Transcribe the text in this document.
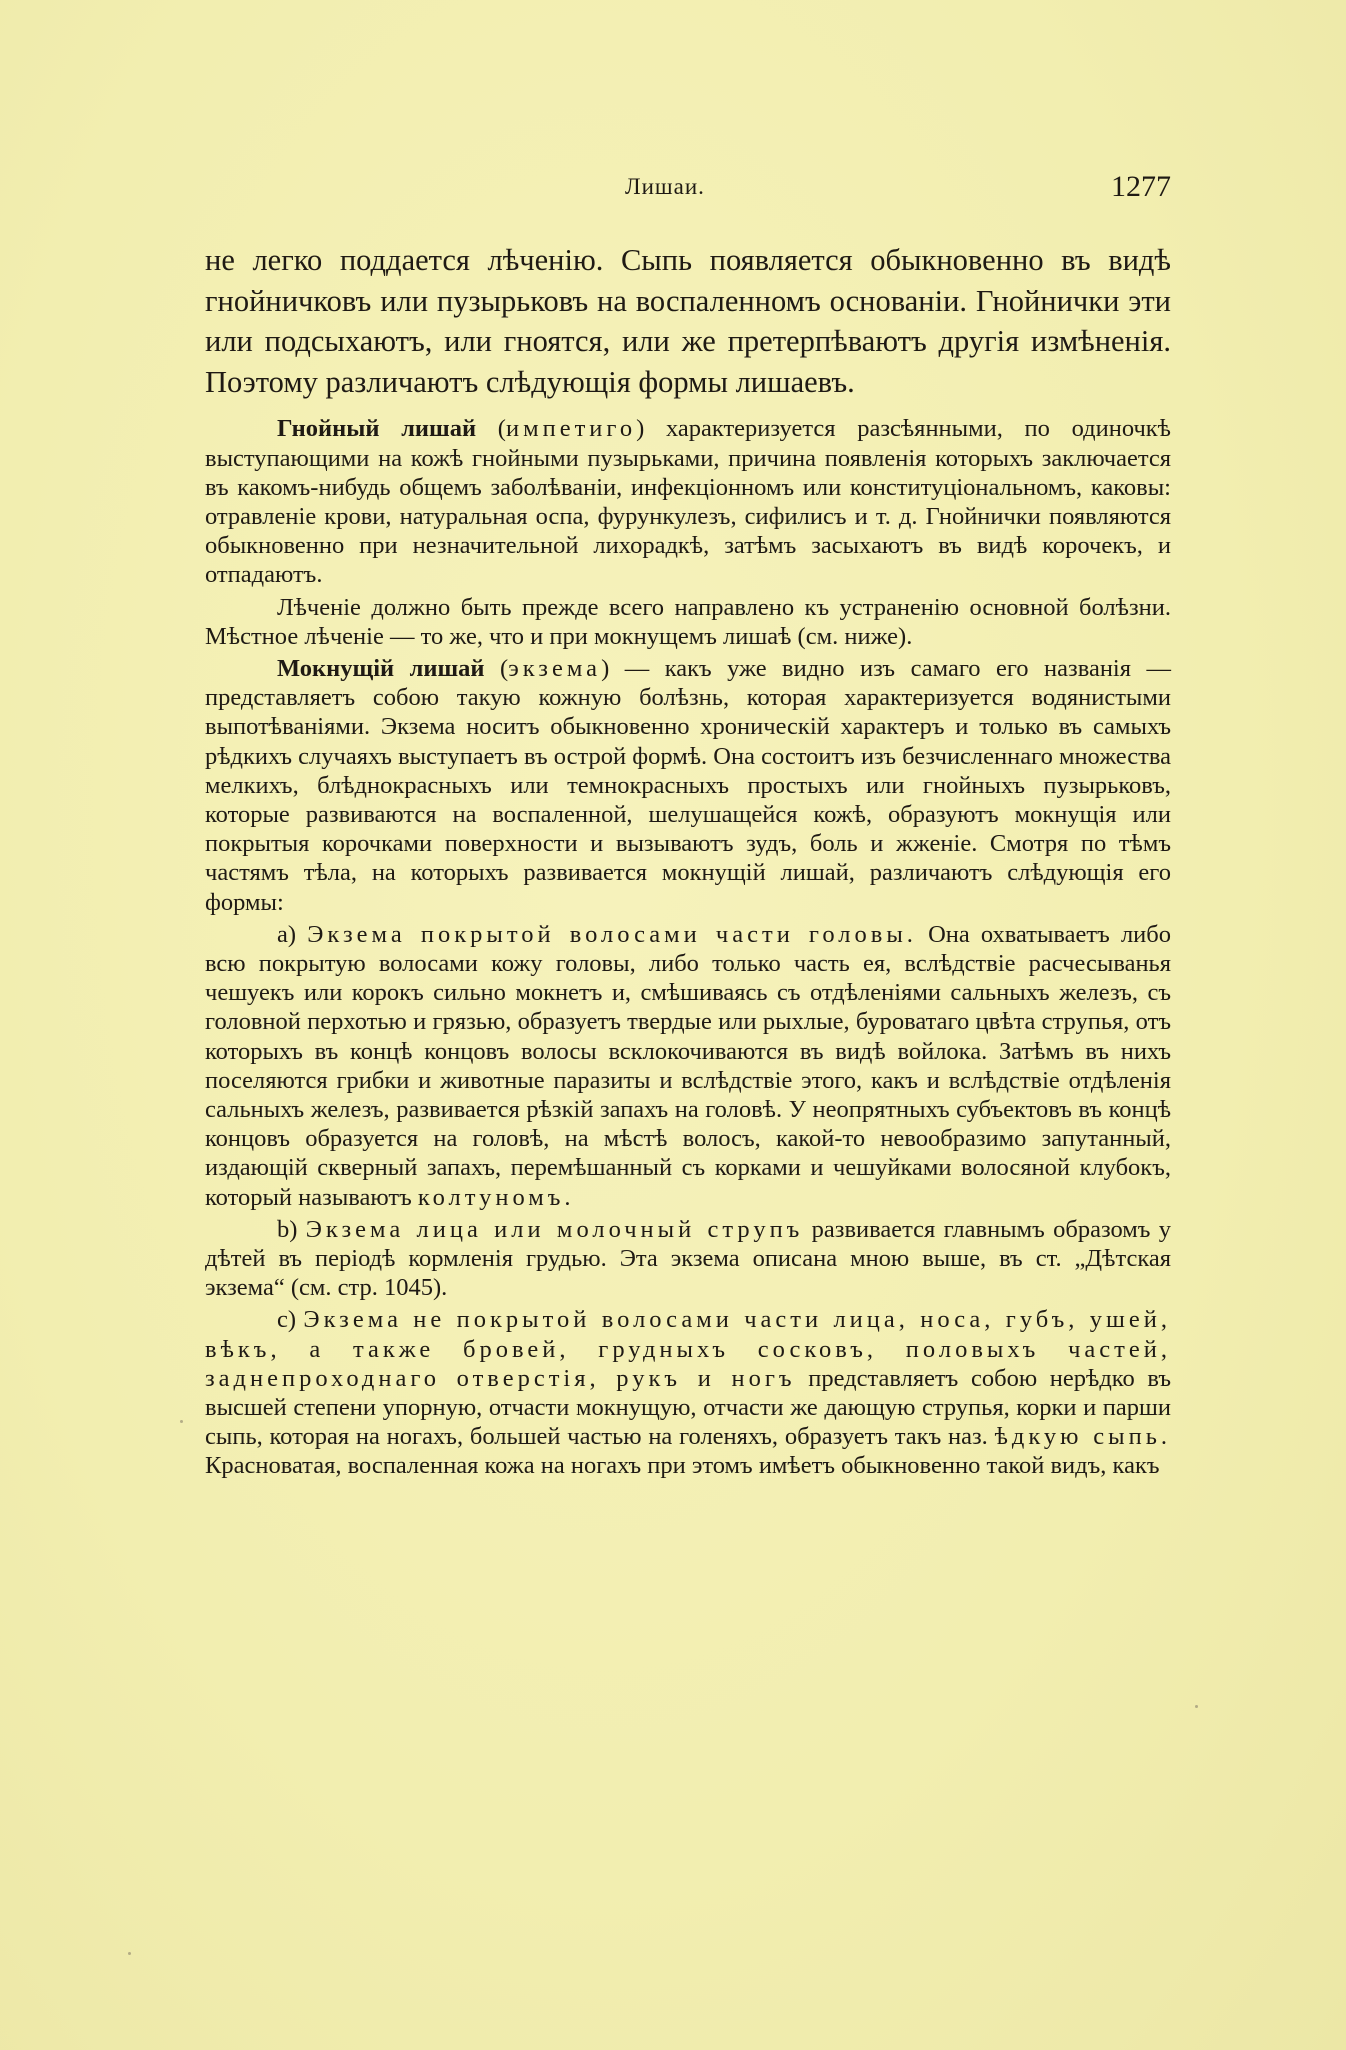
Лишаи.	1277

не легко поддается лѣченію. Сыпь появляется обыкновенно въ видѣ гнойничковъ или пузырьковъ на воспаленномъ основаніи. Гнойнички эти или подсыхаютъ, или гноятся, или же претерпѣваютъ другія измѣненія. Поэтому различаютъ слѣдующія формы лишаевъ.

Гнойный лишай (импетиго) характеризуется разсѣянными, по одиночкѣ выступающими на кожѣ гнойными пузырьками, причина появленія которыхъ заключается въ какомъ-нибудь общемъ заболѣваніи, инфекціонномъ или конституціональномъ, каковы: отравленіе крови, натуральная оспа, фурункулезъ, сифилисъ и т. д. Гнойнички появляются обыкновенно при незначительной лихорадкѣ, затѣмъ засыхаютъ въ видѣ корочекъ, и отпадаютъ.

Лѣченіе должно быть прежде всего направлено къ устраненію основной болѣзни. Мѣстное лѣченіе — то же, что и при мокнущемъ лишаѣ (см. ниже).

Мокнущій лишай (экзема) — какъ уже видно изъ самаго его названія — представляетъ собою такую кожную болѣзнь, которая характеризуется водянистыми выпотѣваніями. Экзема носитъ обыкновенно хроническій характеръ и только въ самыхъ рѣдкихъ случаяхъ выступаетъ въ острой формѣ. Она состоитъ изъ безчисленнаго множества мелкихъ, блѣднокрасныхъ или темнокрасныхъ простыхъ или гнойныхъ пузырьковъ, которые развиваются на воспаленной, шелушащейся кожѣ, образуютъ мокнущія или покрытыя корочками поверхности и вызываютъ зудъ, боль и жженіе. Смотря по тѣмъ частямъ тѣла, на которыхъ развивается мокнущій лишай, различаютъ слѣдующія его формы:

a) Экзема покрытой волосами части головы. Она охватываетъ либо всю покрытую волосами кожу головы, либо только часть ея, вслѣдствіе расчесыванья чешуекъ или корокъ сильно мокнетъ и, смѣшиваясь съ отдѣленіями сальныхъ железъ, съ головной перхотью и грязью, образуетъ твердые или рыхлые, буроватаго цвѣта струпья, отъ которыхъ въ концѣ концовъ волосы всклокочиваются въ видѣ войлока. Затѣмъ въ нихъ поселяются грибки и животные паразиты и вслѣдствіе этого, какъ и вслѣдствіе отдѣленія сальныхъ железъ, развивается рѣзкій запахъ на головѣ. У неопрятныхъ субъектовъ въ концѣ концовъ образуется на головѣ, на мѣстѣ волосъ, какой-то невообразимо запутанный, издающій скверный запахъ, перемѣшанный съ корками и чешуйками волосяной клубокъ, который называютъ колтуномъ.

b) Экзема лица или молочный струпъ развивается главнымъ образомъ у дѣтей въ періодѣ кормленія грудью. Эта экзема описана мною выше, въ ст. „Дѣтская экзема“ (см. стр. 1045).

c) Экзема не покрытой волосами части лица, носа, губъ, ушей, вѣкъ, а также бровей, грудныхъ сосковъ, половыхъ частей, заднепроходнаго отверстія, рукъ и ногъ представляетъ собою нерѣдко въ высшей степени упорную, отчасти мокнущую, отчасти же дающую струпья, корки и парши сыпь, которая на ногахъ, большей частью на голеняхъ, образуетъ такъ наз. ѣдкую сыпь. Красноватая, воспаленная кожа на ногахъ при этомъ имѣетъ обыкновенно такой видъ, какъ
